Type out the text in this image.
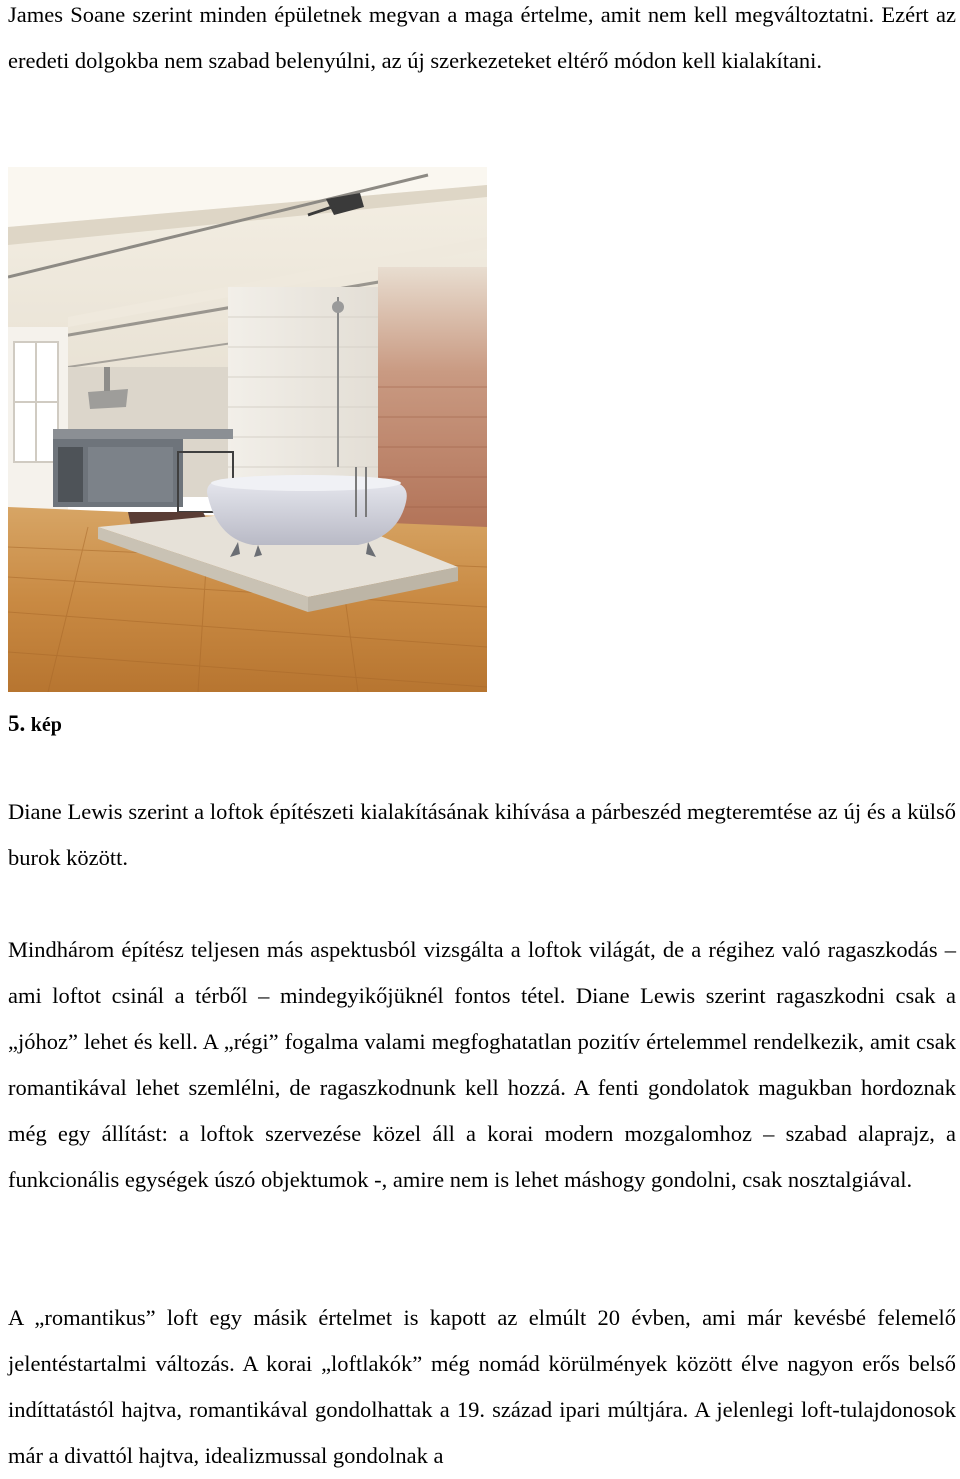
James Soane szerint minden épületnek megvan a maga értelme, amit nem kell megváltoztatni. Ezért az eredeti dolgokba nem szabad belenyúlni, az új szerkezeteket eltérő módon kell kialakítani.

5. kép

Diane Lewis szerint a loftok építészeti kialakításának kihívása a párbeszéd megteremtése az új és a külső burok között.

Mindhárom építész teljesen más aspektusból vizsgálta a loftok világát, de a régihez való ragaszkodás – ami loftot csinál a térből – mindegyikőjüknél fontos tétel. Diane Lewis szerint ragaszkodni csak a „jóhoz” lehet és kell. A „régi” fogalma valami megfoghatatlan pozitív értelemmel rendelkezik, amit csak romantikával lehet szemlélni, de ragaszkodnunk kell hozzá. A fenti gondolatok magukban hordoznak még egy állítást: a loftok szervezése közel áll a korai modern mozgalomhoz – szabad alaprajz, a funkcionális egységek úszó objektumok -, amire nem is lehet máshogy gondolni, csak nosztalgiával.

A „romantikus” loft egy másik értelmet is kapott az elmúlt 20 évben, ami már kevésbé felemelő jelentéstartalmi változás. A korai „loftlakók” még nomád körülmények között élve nagyon erős belső indíttatástól hajtva, romantikával gondolhattak a 19. század ipari múltjára. A jelenlegi loft-tulajdonosok már a divattól hajtva, idealizmussal gondolnak a
